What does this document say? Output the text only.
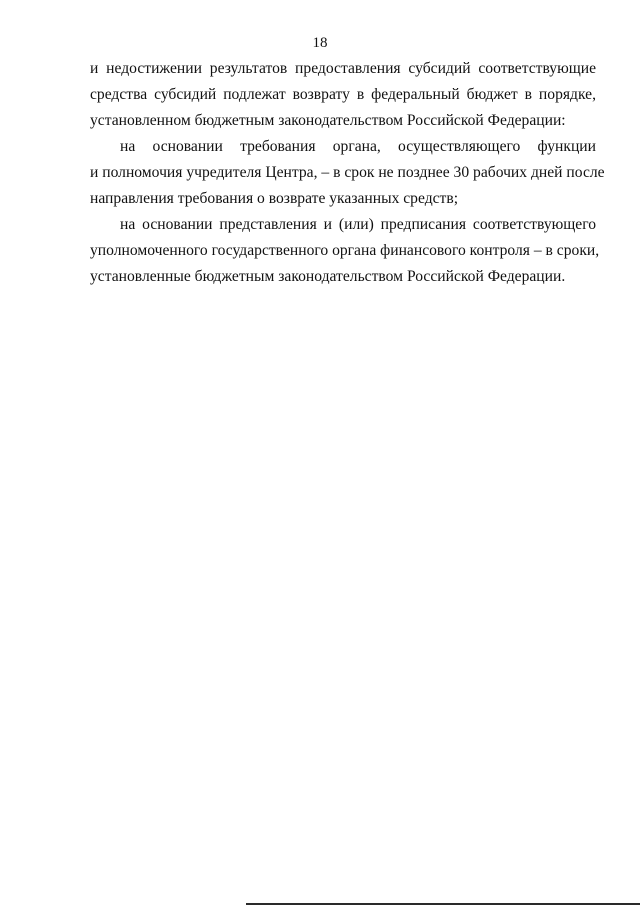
18
и недостижении результатов предоставления субсидий соответствующие
средства субсидий подлежат возврату в федеральный бюджет в порядке,
установленном бюджетным законодательством Российской Федерации:
на основании требования органа, осуществляющего функции
и полномочия учредителя Центра, – в срок не позднее 30 рабочих дней после
направления требования о возврате указанных средств;
на основании представления и (или) предписания соответствующего
уполномоченного государственного органа финансового контроля – в сроки,
установленные бюджетным законодательством Российской Федерации.
